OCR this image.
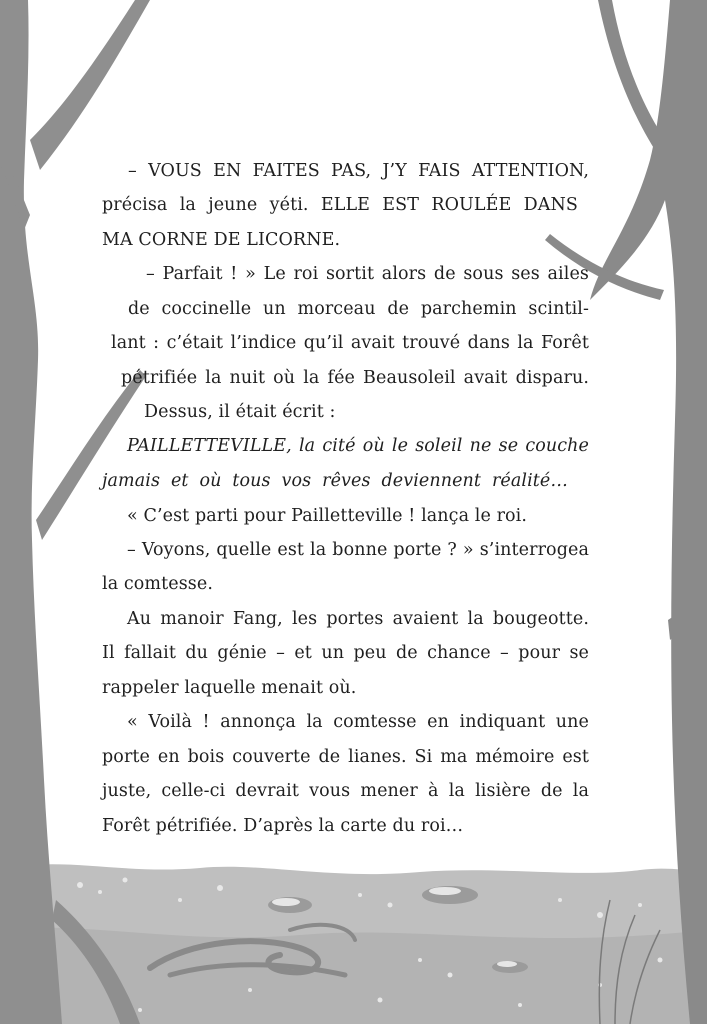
– VOUS EN FAITES PAS, J’Y FAIS ATTENTION,
précisa la jeune yéti. ELLE EST ROULÉE DANS
MA CORNE DE LICORNE.
– Parfait ! » Le roi sortit alors de sous ses ailes
de coccinelle un morceau de parchemin scintil-
lant : c’était l’indice qu’il avait trouvé dans la Forêt
pétrifiée la nuit où la fée Beausoleil avait disparu.
Dessus, il était écrit :
PAILLETTEVILLE, la cité où le soleil ne se couche
jamais et où tous vos rêves deviennent réalité…
« C’est parti pour Pailletteville ! lança le roi.
– Voyons, quelle est la bonne porte ? » s’interrogea
la comtesse.
Au manoir Fang, les portes avaient la bougeotte.
Il fallait du génie – et un peu de chance – pour se
rappeler laquelle menait où.
« Voilà ! annonça la comtesse en indiquant une
porte en bois couverte de lianes. Si ma mémoire est
juste, celle-ci devrait vous mener à la lisière de la
Forêt pétrifiée. D’après la carte du roi…
